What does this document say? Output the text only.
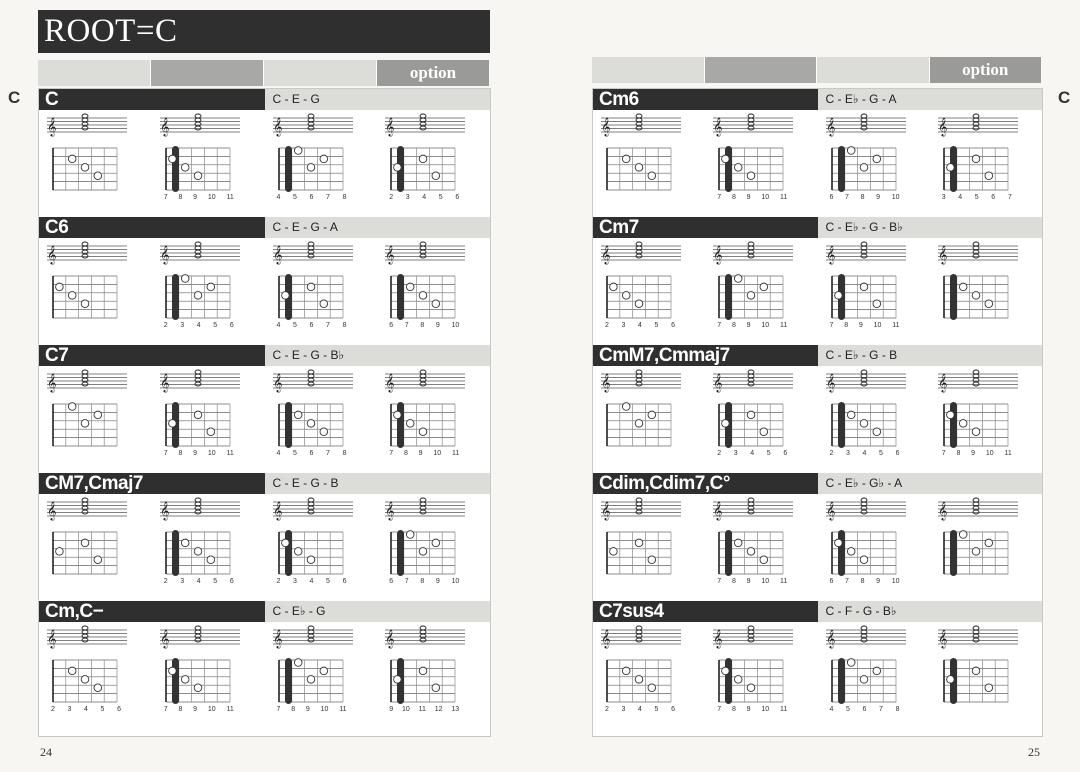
ROOT=C
option
C	C	C - E - G
𝄞	𝄞
7 8 9 10 11
𝄞
4 5 6 7 8
𝄞
2 3 4 5 6
C6	C - E - G - A
𝄞	𝄞
2 3 4 5 6
𝄞
4 5 6 7 8
𝄞
6 7 8 9 10
C7	C - E - G - B♭
𝄞	𝄞
7 8 9 10 11
𝄞
4 5 6 7 8
𝄞
7 8 9 10 11
CM7,Cmaj7	C - E - G - B
𝄞	𝄞
2 3 4 5 6
𝄞
2 3 4 5 6
𝄞
6 7 8 9 10
Cm,C−	C - E♭ - G
𝄞
2 3 4 5 6
𝄞
7 8 9 10 11
𝄞
7 8 9 10 11
𝄞
9 10 11 12 13
24
option
C
Cm6	C - E♭ - G - A
𝄞	𝄞
7 8 9 10 11
𝄞
6 7 8 9 10
𝄞
3 4 5 6 7
Cm7	C - E♭ - G - B♭
𝄞
2 3 4 5 6
𝄞
7 8 9 10 11
𝄞
7 8 9 10 11
𝄞
CmM7,Cmmaj7	C - E♭ - G - B
𝄞	𝄞
2 3 4 5 6
𝄞
2 3 4 5 6
𝄞
7 8 9 10 11
Cdim,Cdim7,C°	C - E♭ - G♭ - A
𝄞	𝄞
7 8 9 10 11
𝄞
6 7 8 9 10
𝄞
C7sus4	C - F - G - B♭
𝄞
2 3 4 5 6
𝄞
7 8 9 10 11
𝄞
4 5 6 7 8
𝄞
25
